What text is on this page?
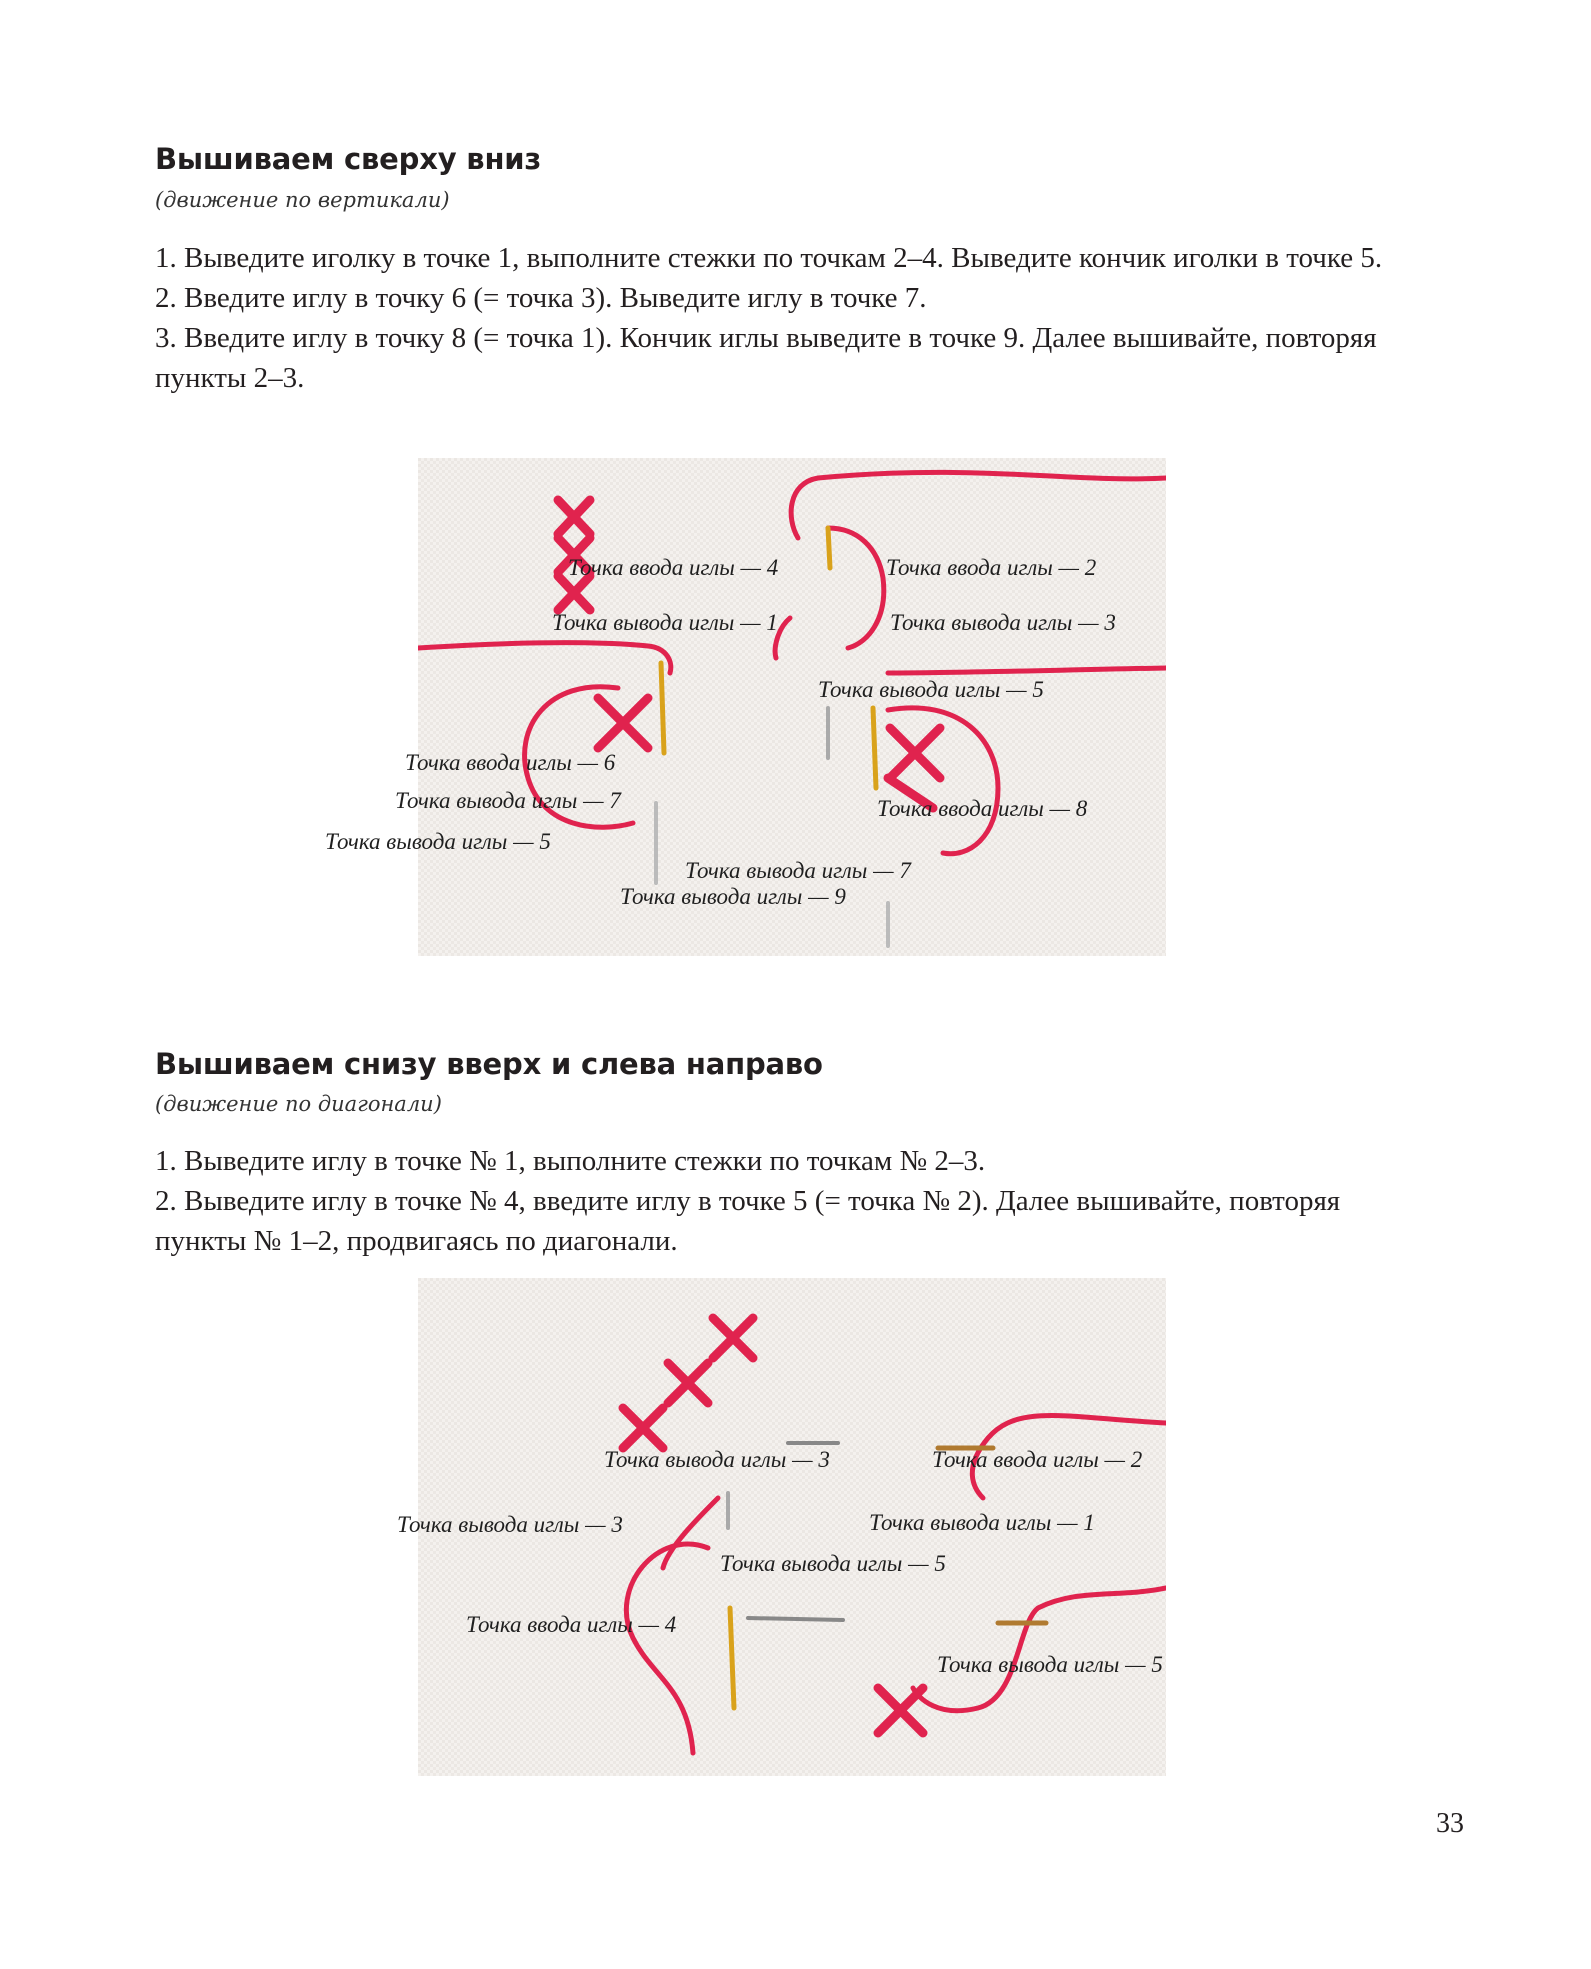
Вышиваем сверху вниз
(движение по вертикали)

1. Выведите иголку в точке 1, выполните стежки по точкам 2–4. Выведите кончик иголки в точке 5.

2. Введите иглу в точку 6 (= точка 3). Выведите иглу в точке 7.

3. Введите иглу в точку 8 (= точка 1). Кончик иглы выведите в точке 9. Далее вышивайте, повторяя пункты 2–3.

Точка ввода иглы — 4	Точка ввода иглы — 2
Точка вывода иглы — 1	Точка вывода иглы — 3
Точка вывода иглы — 5
Точка ввода иглы — 6
Точка вывода иглы — 7	Точка ввода иглы — 8
Точка вывода иглы — 5
Точка вывода иглы — 7
Точка вывода иглы — 9
Вышиваем снизу вверх и слева направо
(движение по диагонали)

1. Выведите иглу в точке № 1, выполните стежки по точкам № 2–3.

2. Выведите иглу в точке № 4, введите иглу в точке 5 (= точка № 2). Далее вышивайте, повторяя пункты № 1–2, продвигаясь по диагонали.

Точка вывода иглы — 3	Точка ввода иглы — 2
Точка вывода иглы — 3	Точка вывода иглы — 1
Точка вывода иглы — 5
Точка ввода иглы — 4
Точка вывода иглы — 5
33
